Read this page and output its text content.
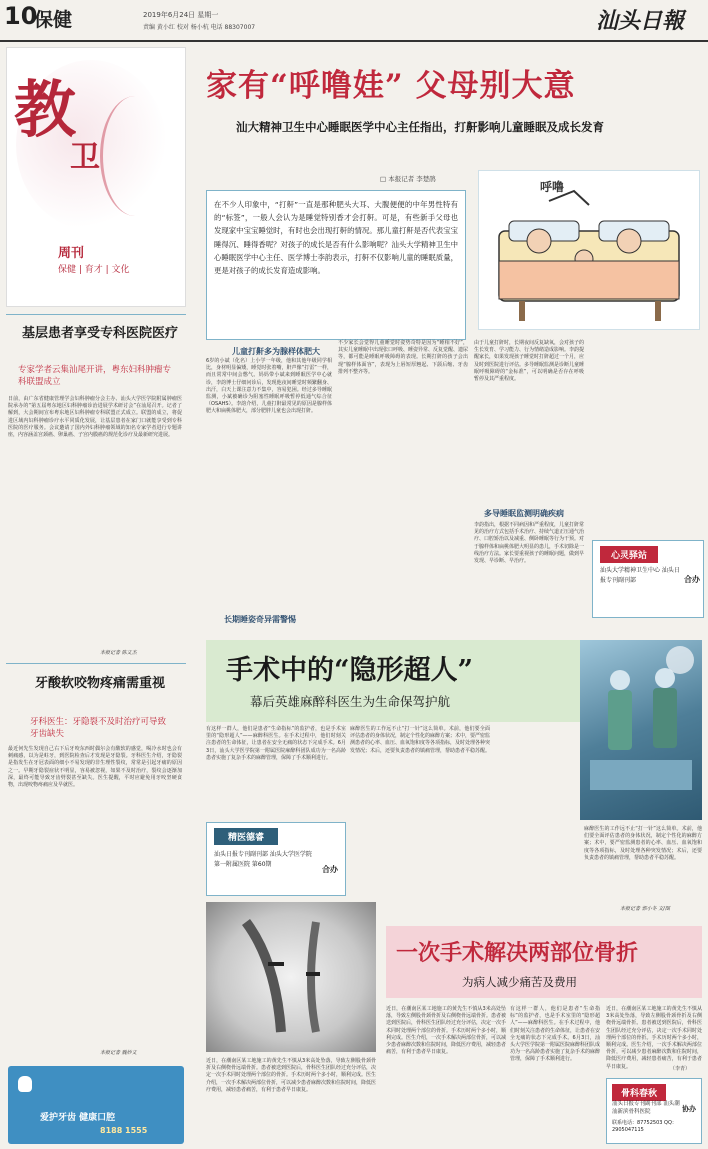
10
保健	2019年6月24日 星期一
责编 黄小红 校对 杨小杭 电话 88307007	汕头日報
教
卫
周刊
保健 | 育才 | 文化
基层患者享受专科医院医疗
专家学者云集汕尾开讲，粤东妇科肿瘤专科联盟成立
日前，由广东省健康管理学会妇科肿瘤分会主办、汕头大学医学院附属肿瘤医院承办的“第五届粤东地区妇科肿瘤诊治进展学术研讨会”在汕尾召开。记者了解到，大会期间宣布粤东地区妇科肿瘤专科联盟正式成立。联盟的成立，将促进区域内妇科肿瘤诊疗水平同质化发展，让基层患者在家门口就能享受到专科医院的医疗服务。会议邀请了国内外妇科肿瘤领域的知名专家学者进行专题讲座，内容涵盖宫颈癌、卵巢癌、子宫内膜癌的规范化诊疗及最新研究进展。
本报记者 陈文杰
牙酸软咬物疼痛需重视
牙科医生：牙隐裂不及时治疗可导致牙齿缺失
最近何先生发现自己右下后牙咬东西时偶尔会有酸软的感觉，喝冷水时也会有刺痛感，以为是蛀牙，到医院检查后才发现是牙隐裂。牙科医生介绍，牙隐裂是指发生在牙冠表面的细小不易发现的非生理性裂纹，常常是引起牙痛的原因之一。早期牙隐裂症状不明显，容易被忽视，如果不及时治疗，裂纹会逐渐加深，最终可能导致牙齿劈裂甚至缺失。医生提醒，平时应避免用牙咬坚硬食物，出现咬物疼痛应及早就医。
本报记者 魏妙文
爱护牙齿 健康口腔
8188 1555
家有“呼噜娃” 父母别大意
汕大精神卫生中心睡眠医学中心主任指出，打鼾影响儿童睡眠及成长发育
□ 本报记者 李楚鹃
在不少人印象中，“打鼾”一直是那种肥头大耳、大腹便便的中年男性特有的“标签”，一般人会认为是睡觉特别香才会打鼾。可是，有些新手父母也发现家中宝宝睡觉时，有时也会出现打鼾的情况。那儿童打鼾是否代表宝宝睡得沉、睡得香呢？对孩子的成长是否有什么影响呢？汕头大学精神卫生中心睡眠医学中心主任、医学博士李韵表示，打鼾不仅影响儿童的睡眠质量，更是对孩子的成长发育造成影响。
呼噜
儿童打鼾多为腺样体肥大
6岁的小斌（化名）上小学一年级，他和其他年级同学相比，身材明显偏矮，睡觉时张着嘴，鼾声像“打雷”一样，而且常常中间会憋气。妈妈带小斌来到睡眠医学中心就诊，李韵博士仔细问诊后，发现他夜间睡觉时频繁翻身、出汗，白天上课注意力不集中，容易犯困。经过多导睡眠监测，小斌被确诊为阻塞性睡眠呼吸暂停低通气综合征（OSAHS）。李韵介绍，儿童打鼾最常见的原因是腺样体肥大和扁桃体肥大，部分肥胖儿童也会出现打鼾。
长期睡姿奇异需警惕
不少家长会觉得儿童睡觉时姿势奇特是因为“睡相不好”，其实儿童睡眠中出现张口呼吸、睡姿异常、反复觉醒、遗尿等，都可能是睡眠呼吸障碍的表现。长期打鼾的孩子会出现“腺样体面容”，表现为上唇短厚翘起、下颌后缩、牙齿排列不整齐等。
由于儿童打鼾时，长期夜间反复缺氧，会对孩子的生长发育、学习能力、行为情绪造成影响。李韵提醒家长，如果发现孩子睡觉时打鼾超过一个月，应及时到医院进行评估。多导睡眠监测是诊断儿童睡眠呼吸障碍的“金标准”，可以明确是否存在呼吸暂停及其严重程度。
多导睡眠监测明确疾病
李韵指出，根据不同病因和严重程度，儿童打鼾常见的治疗方式包括手术治疗、持续气道正压通气治疗、口腔矫治以及减重、侧卧睡眠等行为干预。对于腺样体和扁桃体肥大明显的患儿，手术切除是一线治疗方法。家长要重视孩子的睡眠问题，做到早发现、早诊断、早治疗。
心灵驿站
汕头大学精神卫生中心 汕头日报专刊副刊部	合办
手术中的“隐形超人”
幕后英雄麻醉科医生为生命保驾护航
有这样一群人，他们是患者“生命指标”的监护者，也是手术室里的“隐形超人”——麻醉科医生。在手术过程中，他们时刻关注患者的生命体征，让患者在安全无痛的状态下完成手术。6月3日，汕头大学医学院第一附属医院麻醉科团队成功为一名高龄患者实施了复杂手术的麻醉管理，保障了手术顺利进行。
麻醉医生的工作远不止“打一针”这么简单。术前，他们要全面评估患者的身体状况，制定个性化的麻醉方案；术中，要严密监测患者的心率、血压、血氧饱和度等各项指标，及时处理各种突发情况；术后，还要负责患者的镇痛管理，帮助患者平稳苏醒。
麻醉医生的工作远不止“打一针”这么简单。术前，他们要全面评估患者的身体状况，制定个性化的麻醉方案；术中，要严密监测患者的心率、血压、血氧饱和度等各项指标，及时处理各种突发情况；术后，还要负责患者的镇痛管理，帮助患者平稳苏醒。
本报记者 郭小冬 文/图
精医德睿
汕头日报专刊副刊部 汕头大学医学院第一附属医院 第60期
合办
近日，在潮南区某工地施工的黄先生不慎从3米高处坠落，导致左侧股骨颈骨折及右侧桡骨远端骨折。患者被送到医院后，骨科医生团队经过充分评估，决定一次手术同时处理两个部位的骨折。手术历时两个多小时，顺利完成。医生介绍，一次手术解决两部位骨折，可以减少患者麻醉次数和住院时间，降低医疗费用，减轻患者痛苦，有利于患者早日康复。
一次手术解决两部位骨折
为病人减少痛苦及费用
近日，在潮南区某工地施工的黄先生不慎从3米高处坠落，导致左侧股骨颈骨折及右侧桡骨远端骨折。患者被送到医院后，骨科医生团队经过充分评估，决定一次手术同时处理两个部位的骨折。手术历时两个多小时，顺利完成。医生介绍，一次手术解决两部位骨折，可以减少患者麻醉次数和住院时间，降低医疗费用，减轻患者痛苦，有利于患者早日康复。
有这样一群人，他们是患者“生命指标”的监护者，也是手术室里的“隐形超人”——麻醉科医生。在手术过程中，他们时刻关注患者的生命体征，让患者在安全无痛的状态下完成手术。6月3日，汕头大学医学院第一附属医院麻醉科团队成功为一名高龄患者实施了复杂手术的麻醉管理，保障了手术顺利进行。
近日，在潮南区某工地施工的黄先生不慎从3米高处坠落，导致左侧股骨颈骨折及右侧桡骨远端骨折。患者被送到医院后，骨科医生团队经过充分评估，决定一次手术同时处理两个部位的骨折。手术历时两个多小时，顺利完成。医生介绍，一次手术解决两部位骨折，可以减少患者麻醉次数和住院时间，降低医疗费用，减轻患者痛苦，有利于患者早日康复。	（李青）
骨科春秋
汕头日报专刊副刊部 汕头潮汕新滨骨科医院
联系电话：87752503 QQ：2905047115
协办
